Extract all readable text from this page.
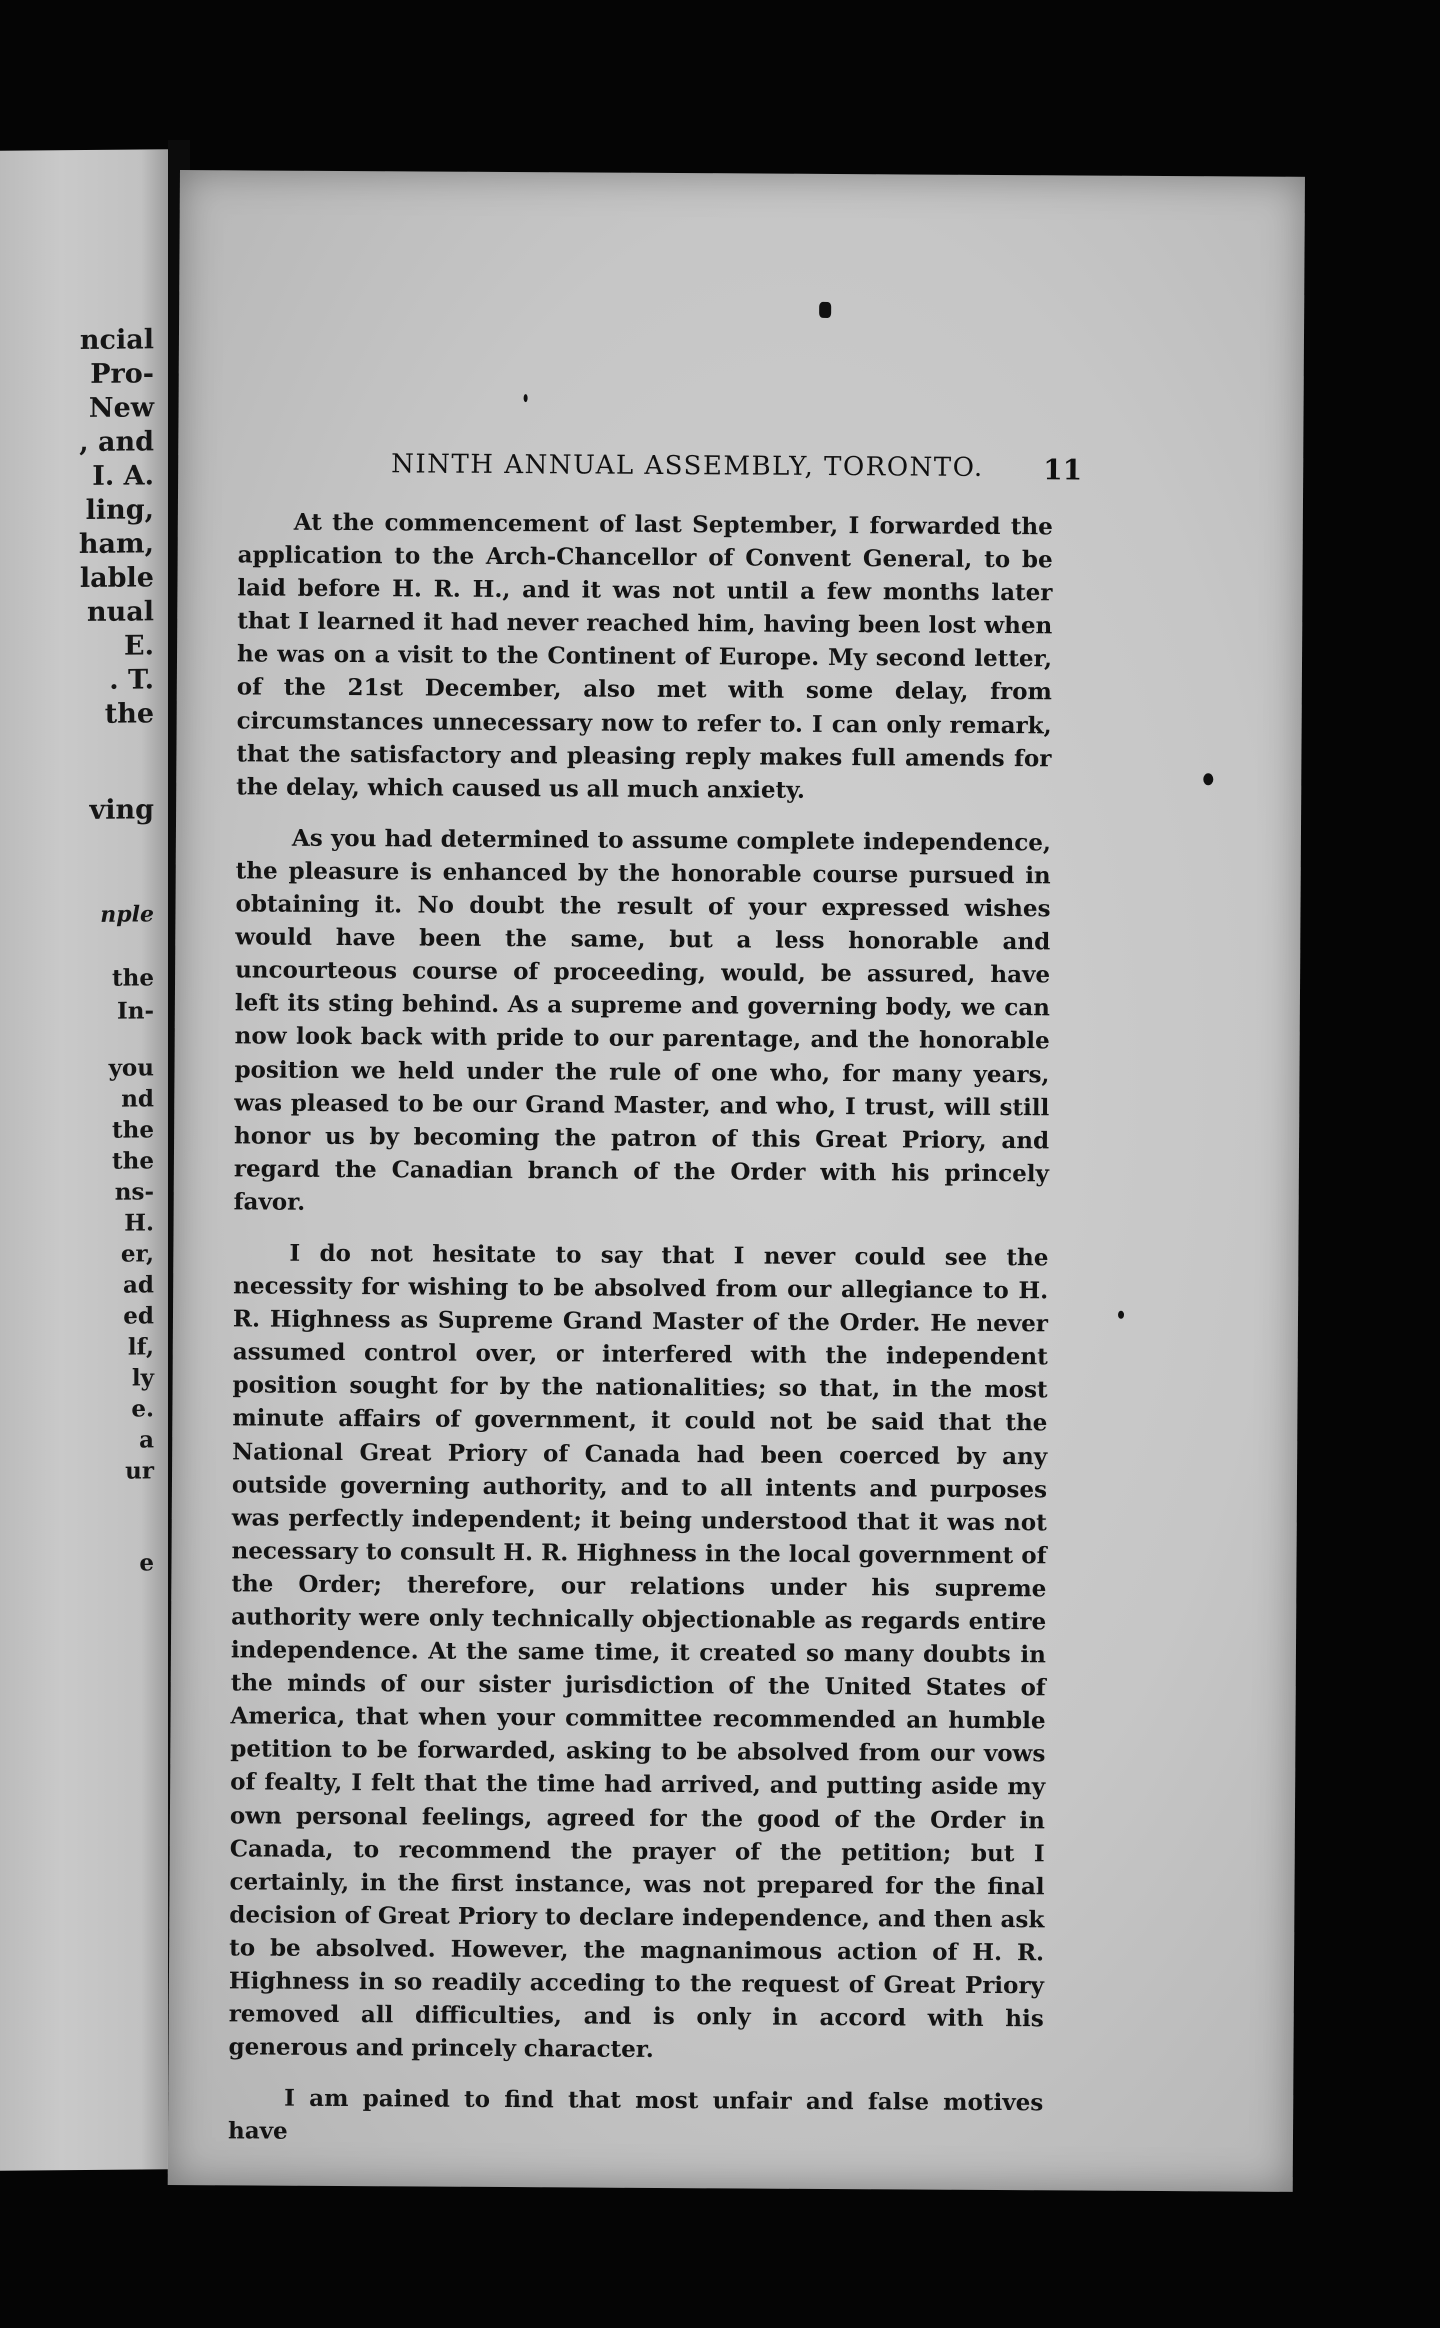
ncial
Pro-
New
, and
I. A.
ling,
ham,
lable
nual
E.
. T.
the
ving
nple
the
In-
you
nd
the
the
ns-
H.
er,
ad
ed
lf,
ly
e.
a
ur
e
NINTH ANNUAL ASSEMBLY, TORONTO.	11

At the commencement of last September, I forwarded the application to the Arch-Chancellor of Convent General, to be laid before H. R. H., and it was not until a few months later that I learned it had never reached him, having been lost when he was on a visit to the Continent of Europe. My second letter, of the 21st December, also met with some delay, from circumstances unnecessary now to refer to. I can only remark, that the satisfactory and pleasing reply makes full amends for the delay, which caused us all much anxiety.

As you had determined to assume complete independence, the pleasure is enhanced by the honorable course pursued in obtaining it. No doubt the result of your expressed wishes would have been the same, but a less honorable and uncourteous course of proceeding, would, be assured, have left its sting behind. As a supreme and governing body, we can now look back with pride to our parentage, and the honorable position we held under the rule of one who, for many years, was pleased to be our Grand Master, and who, I trust, will still honor us by becoming the patron of this Great Priory, and regard the Canadian branch of the Order with his princely favor.

I do not hesitate to say that I never could see the necessity for wishing to be absolved from our allegiance to H. R. Highness as Supreme Grand Master of the Order. He never assumed control over, or interfered with the independent position sought for by the nationalities; so that, in the most minute affairs of government, it could not be said that the National Great Priory of Canada had been coerced by any outside governing authority, and to all intents and purposes was perfectly independent; it being understood that it was not necessary to consult H. R. Highness in the local government of the Order; therefore, our relations under his supreme authority were only technically objectionable as regards entire independence. At the same time, it created so many doubts in the minds of our sister jurisdiction of the United States of America, that when your committee recommended an humble petition to be forwarded, asking to be absolved from our vows of fealty, I felt that the time had arrived, and putting aside my own personal feelings, agreed for the good of the Order in Canada, to recommend the prayer of the petition; but I certainly, in the first instance, was not prepared for the final decision of Great Priory to declare independence, and then ask to be absolved. However, the magnanimous action of H. R. Highness in so readily acceding to the request of Great Priory removed all difficulties, and is only in accord with his generous and princely character.

I am pained to find that most unfair and false motives have
